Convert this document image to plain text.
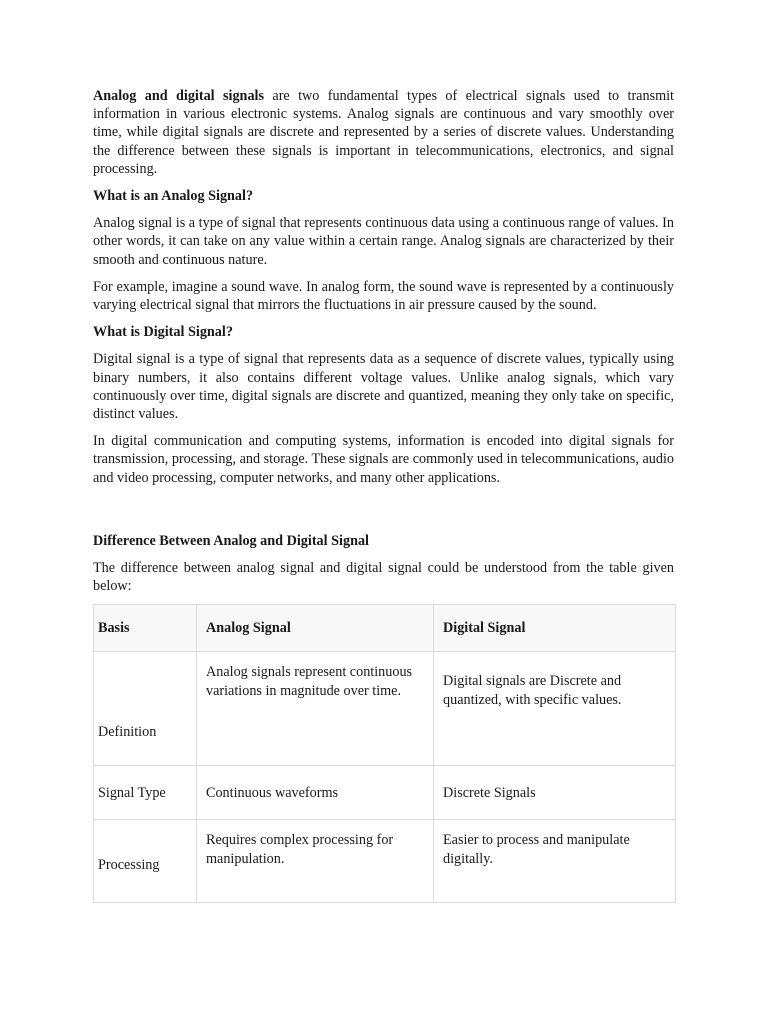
Analog and digital signals are two fundamental types of electrical signals used to transmit information in various electronic systems. Analog signals are continuous and vary smoothly over time, while digital signals are discrete and represented by a series of discrete values. Understanding the difference between these signals is important in telecommunications, electronics, and signal processing.

What is an Analog Signal?

Analog signal is a type of signal that represents continuous data using a continuous range of values. In other words, it can take on any value within a certain range. Analog signals are characterized by their smooth and continuous nature.

For example, imagine a sound wave. In analog form, the sound wave is represented by a continuously varying electrical signal that mirrors the fluctuations in air pressure caused by the sound.

What is Digital Signal?

Digital signal is a type of signal that represents data as a sequence of discrete values, typically using binary numbers, it also contains different voltage values. Unlike analog signals, which vary continuously over time, digital signals are discrete and quantized, meaning they only take on specific, distinct values.

In digital communication and computing systems, information is encoded into digital signals for transmission, processing, and storage. These signals are commonly used in telecommunications, audio and video processing, computer networks, and many other applications.

Difference Between Analog and Digital Signal

The difference between analog signal and digital signal could be understood from the table given below:

Basis	Analog Signal	Digital Signal
Definition	Analog signals represent continuous variations in magnitude over time.	Digital signals are Discrete and quantized, with specific values.
Signal Type	Continuous waveforms	Discrete Signals
Processing	Requires complex processing for manipulation.	Easier to process and manipulate digitally.
